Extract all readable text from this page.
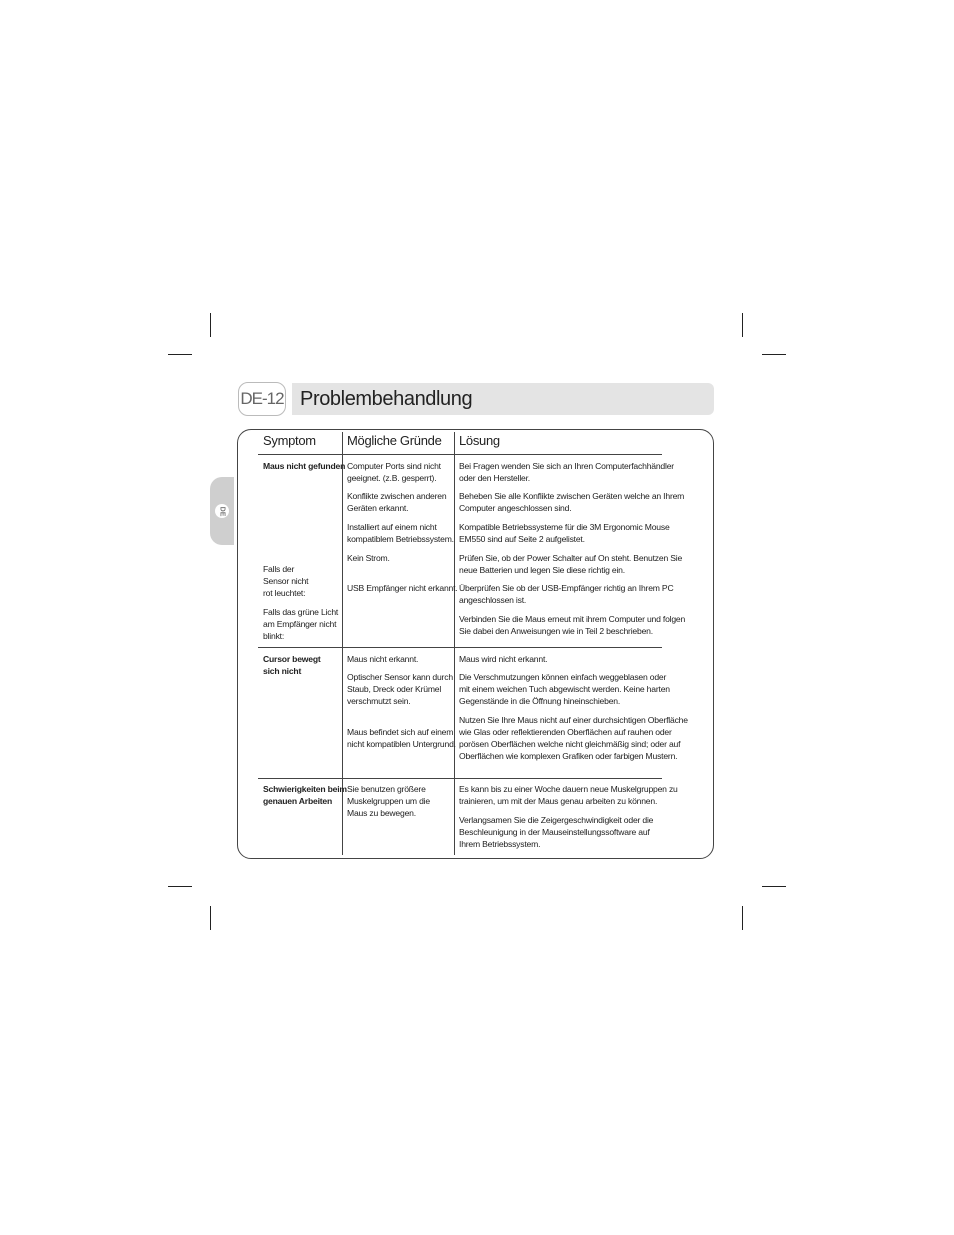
DE-12 Problembehandlung
DE
Symptom Mögliche Gründe Lösung
Maus nicht gefunden
Falls der
Sensor nicht
rot leuchtet:
Falls das grüne Licht
am Empfänger nicht
blinkt:
Computer Ports sind nicht
geeignet. (z.B. gesperrt).
Konflikte zwischen anderen
Geräten erkannt.
Installiert auf einem nicht
kompatiblem Betriebssystem.
Kein Strom.
USB Empfänger nicht erkannt.
Bei Fragen wenden Sie sich an Ihren Computerfachhändler
oder den Hersteller.
Beheben Sie alle Konflikte zwischen Geräten welche an Ihrem
Computer angeschlossen sind.
Kompatible Betriebssysteme für die 3M Ergonomic Mouse
EM550 sind auf Seite 2 aufgelistet.
Prüfen Sie, ob der Power Schalter auf On steht. Benutzen Sie
neue Batterien und legen Sie diese richtig ein.
Überprüfen Sie ob der USB-Empfänger richtig an Ihrem PC
angeschlossen ist.
Verbinden Sie die Maus erneut mit ihrem Computer und folgen
Sie dabei den Anweisungen wie in Teil 2 beschrieben.
Cursor bewegt
sich nicht
Maus nicht erkannt.
Optischer Sensor kann durch
Staub, Dreck oder Krümel
verschmutzt sein.
Maus befindet sich auf einem
nicht kompatiblen Untergrund.
Maus wird nicht erkannt.
Die Verschmutzungen können einfach weggeblasen oder
mit einem weichen Tuch abgewischt werden. Keine harten
Gegenstände in die Öffnung hineinschieben.
Nutzen Sie Ihre Maus nicht auf einer durchsichtigen Oberfläche
wie Glas oder reflektierenden Oberflächen auf rauhen oder
porösen Oberflächen welche nicht gleichmäßig sind; oder auf
Oberflächen wie komplexen Grafiken oder farbigen Mustern.
Schwierigkeiten beim
genauen Arbeiten
Sie benutzen größere
Muskelgruppen um die
Maus zu bewegen.
Es kann bis zu einer Woche dauern neue Muskelgruppen zu
trainieren, um mit der Maus genau arbeiten zu können.
Verlangsamen Sie die Zeigergeschwindigkeit oder die
Beschleunigung in der Mauseinstellungssoftware auf
Ihrem Betriebssystem.
